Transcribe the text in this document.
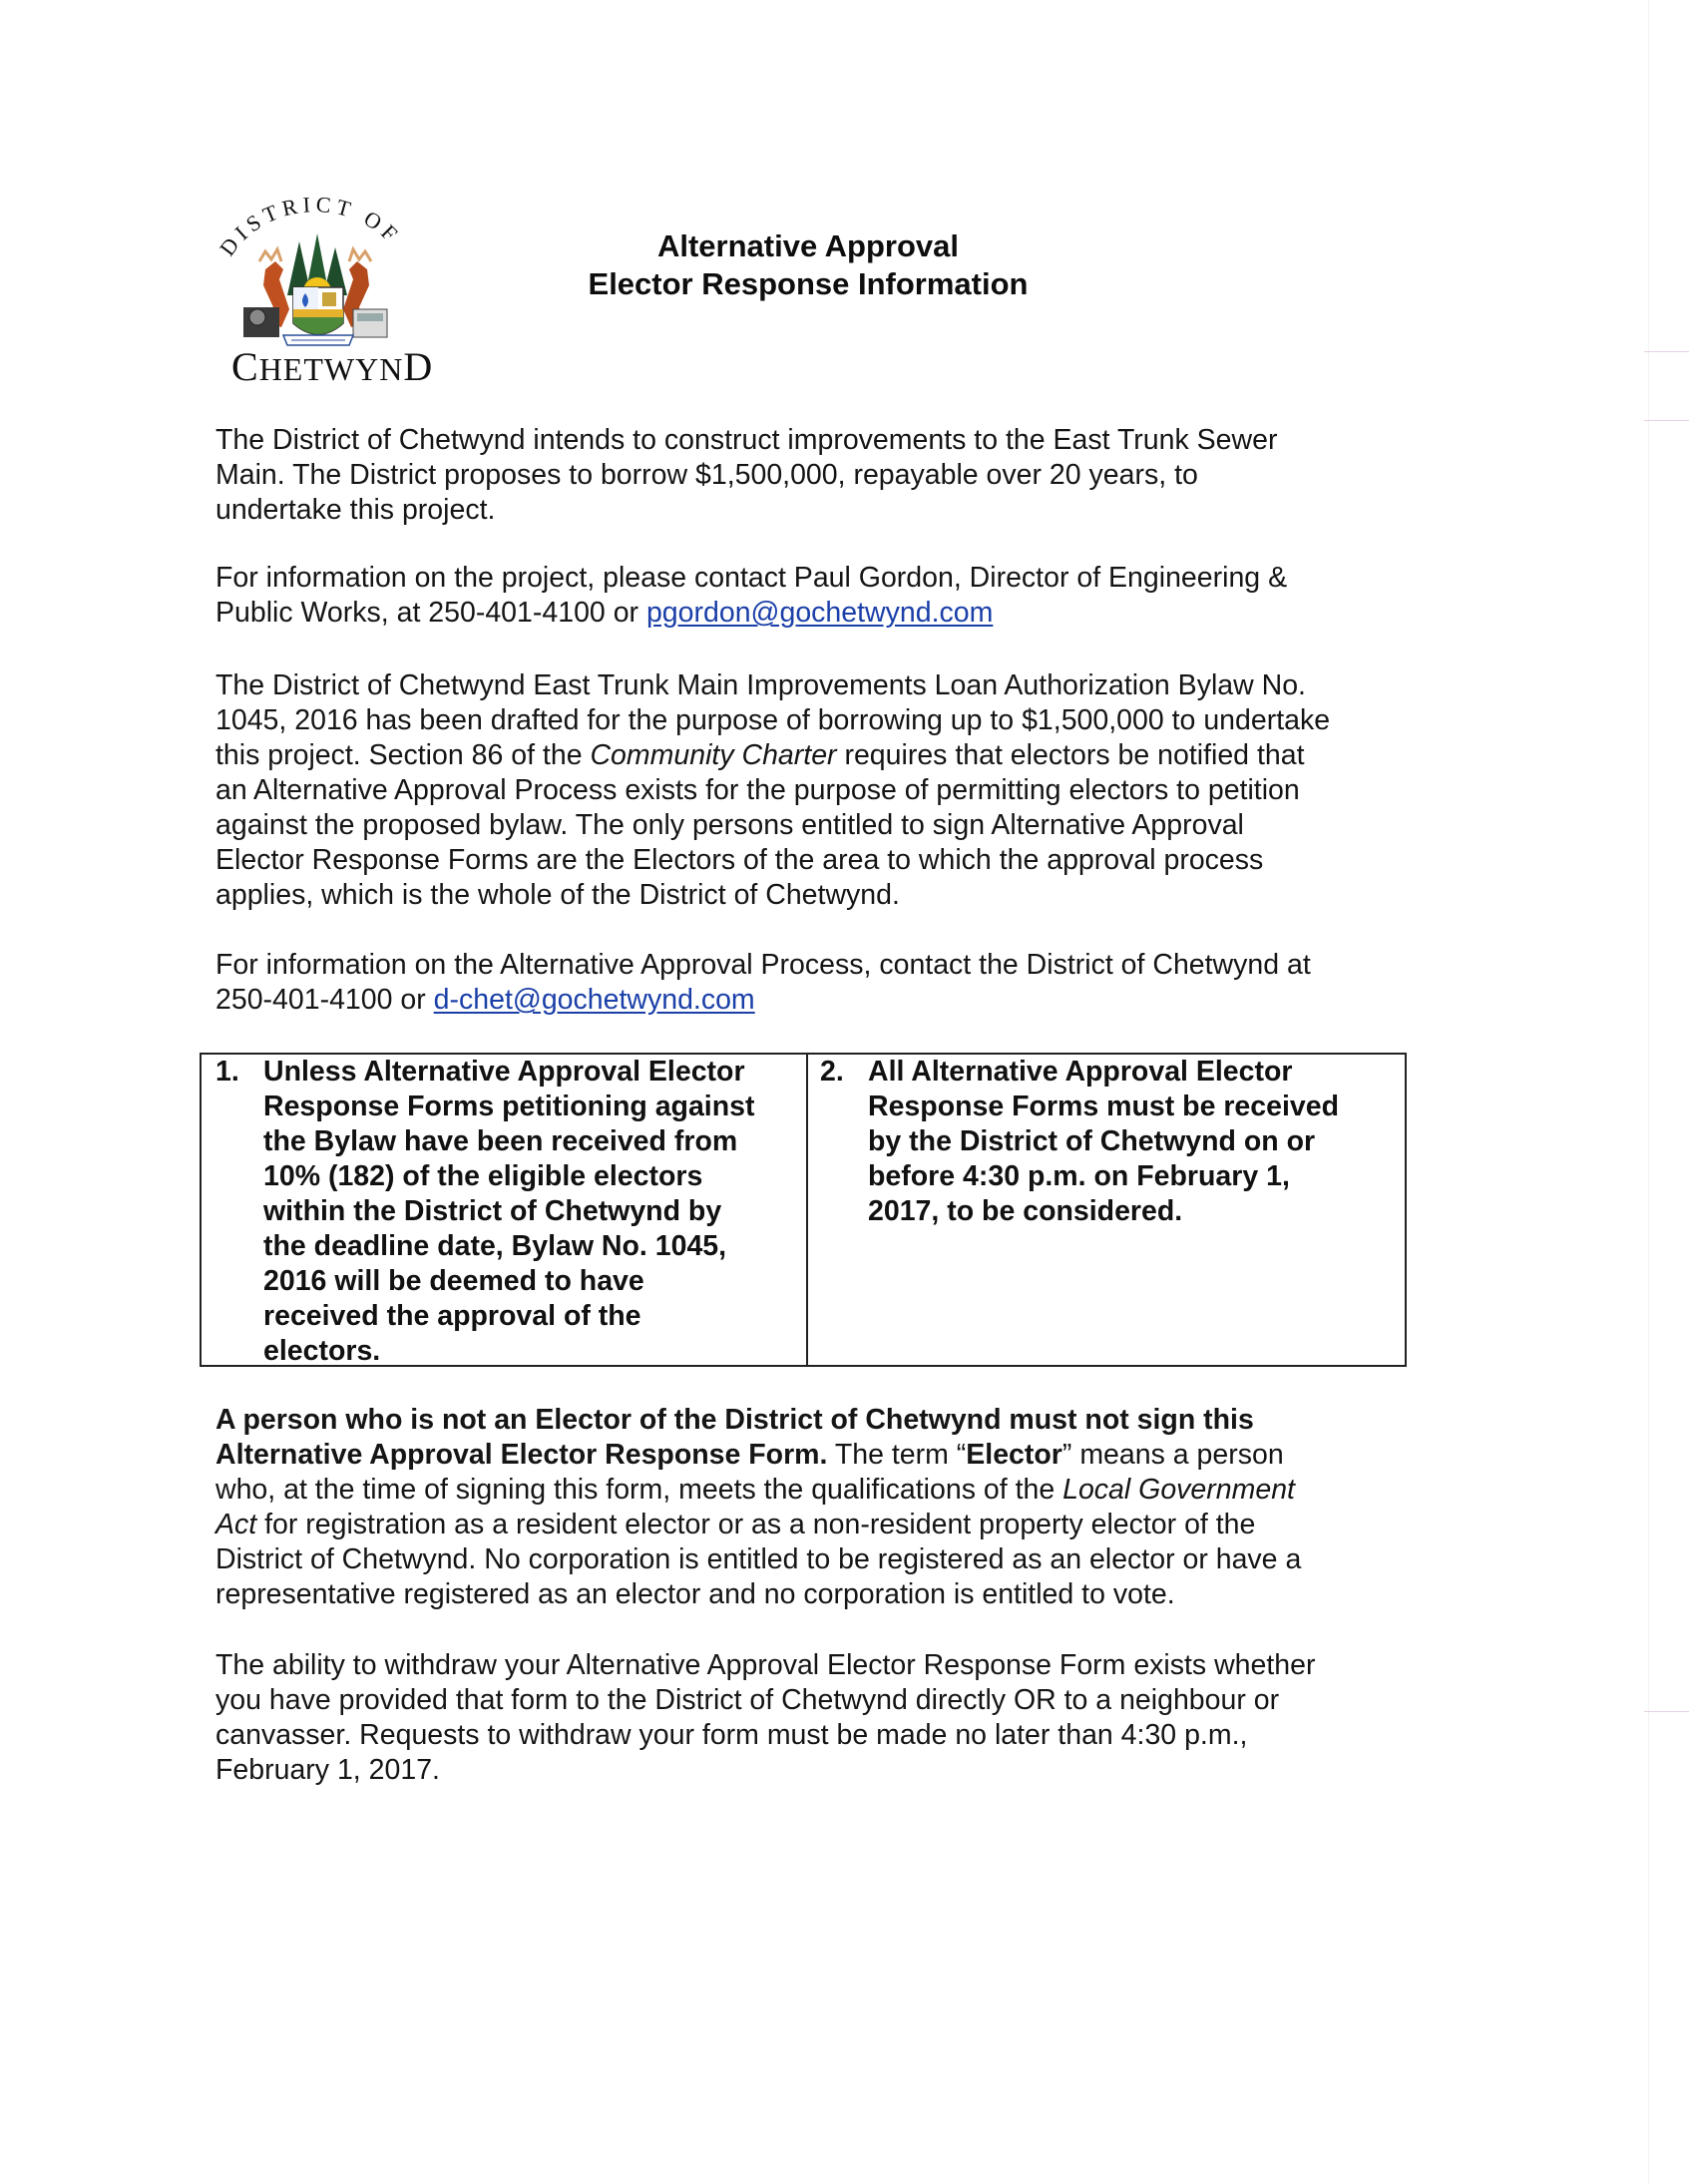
DISTRICT OF
CHETWYND
Alternative Approval
Elector Response Information
The District of Chetwynd intends to construct improvements to the East Trunk Sewer
Main. The District proposes to borrow $1,500,000, repayable over 20 years, to
undertake this project.
For information on the project, please contact Paul Gordon, Director of Engineering &
Public Works, at 250-401-4100 or pgordon@gochetwynd.com
The District of Chetwynd East Trunk Main Improvements Loan Authorization Bylaw No.
1045, 2016 has been drafted for the purpose of borrowing up to $1,500,000 to undertake
this project. Section 86 of the Community Charter requires that electors be notified that
an Alternative Approval Process exists for the purpose of permitting electors to petition
against the proposed bylaw. The only persons entitled to sign Alternative Approval
Elector Response Forms are the Electors of the area to which the approval process
applies, which is the whole of the District of Chetwynd.
For information on the Alternative Approval Process, contact the District of Chetwynd at
250-401-4100 or d-chet@gochetwynd.com
1. Unless Alternative Approval Elector
Response Forms petitioning against
the Bylaw have been received from
10% (182) of the eligible electors
within the District of Chetwynd by
the deadline date, Bylaw No. 1045,
2016 will be deemed to have
received the approval of the
electors.
2. All Alternative Approval Elector
Response Forms must be received
by the District of Chetwynd on or
before 4:30 p.m. on February 1,
2017, to be considered.
A person who is not an Elector of the District of Chetwynd must not sign this
Alternative Approval Elector Response Form. The term “Elector” means a person
who, at the time of signing this form, meets the qualifications of the Local Government
Act for registration as a resident elector or as a non-resident property elector of the
District of Chetwynd. No corporation is entitled to be registered as an elector or have a
representative registered as an elector and no corporation is entitled to vote.
The ability to withdraw your Alternative Approval Elector Response Form exists whether
you have provided that form to the District of Chetwynd directly OR to a neighbour or
canvasser. Requests to withdraw your form must be made no later than 4:30 p.m.,
February 1, 2017.
